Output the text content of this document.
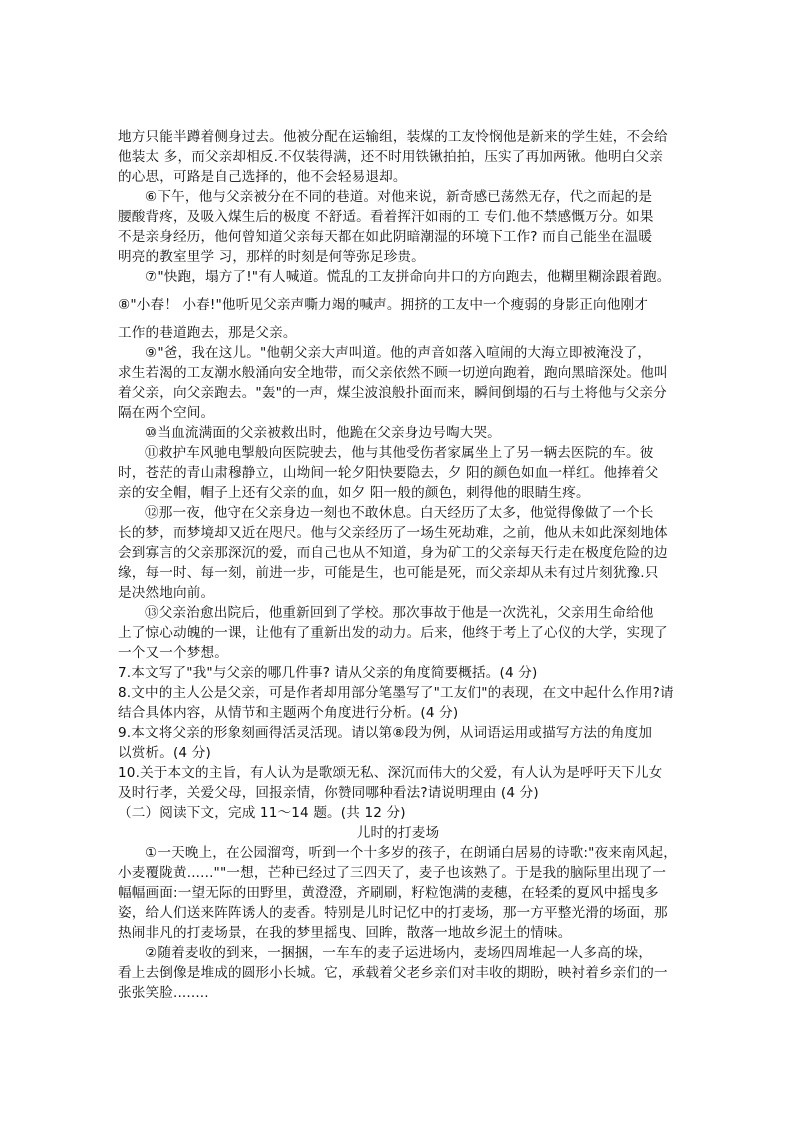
地方只能半蹲着侧身过去。他被分配在运输组，装煤的工友怜悯他是新来的学生娃，不会给
他装太 多，而父亲却相反.不仅装得满，还不时用铁锹拍拍，压实了再加两锹。他明白父亲
的心思，可路是自己选择的，他不会轻易退却。
⑥下午，他与父亲被分在不同的巷道。对他来说，新奇感已荡然无存，代之而起的是
腰酸背疼，及吸入煤生后的极度 不舒适。看着挥汗如雨的工 专们.他不禁感慨万分。如果
不是亲身经历，他何曾知道父亲每天都在如此阴暗潮湿的环境下工作? 而自己能坐在温暖
明亮的教室里学 习，那样的时刻是何等弥足珍贵。
⑦"快跑，塌方了!"有人喊道。慌乱的工友拼命向井口的方向跑去，他糊里糊涂跟着跑。
⑧"小春！ 小春!"他听见父亲声嘶力竭的喊声。拥挤的工友中一个瘦弱的身影正向他刚才
工作的巷道跑去，那是父亲。
⑨"爸，我在这儿。"他朝父亲大声叫道。他的声音如落入喧闹的大海立即被淹没了，
求生若渴的工友潮水般涌向安全地带，而父亲依然不顾一切逆向跑着，跑向黑暗深处。他叫
着父亲，向父亲跑去。"轰"的一声，煤尘波浪般扑面而来，瞬间倒塌的石与土将他与父亲分
隔在两个空间。
⑩当血流满面的父亲被救出时，他跪在父亲身边号啕大哭。
⑪救护车风驰电掣般向医院驶去，他与其他受伤者家属坐上了另一辆去医院的车。彼
时，苍茫的青山肃穆静立，山坳间一轮夕阳快要隐去，夕 阳的颜色如血一样红。他捧着父
亲的安全帽，帽子上还有父亲的血，如夕 阳一般的颜色，刺得他的眼睛生疼。
⑫那一夜，他守在父亲身边一刻也不敢休息。白天经历了太多，他觉得像做了一个长
长的梦，而梦境却又近在咫尺。他与父亲经历了一场生死劫难，之前，他从未如此深刻地体
会到寡言的父亲那深沉的爱，而自己也从不知道，身为矿工的父亲每天行走在极度危险的边
缘，每一时、每一刻，前进一步，可能是生，也可能是死，而父亲却从未有过片刻犹豫.只
是决然地向前。
⑬父亲治愈出院后，他重新回到了学校。那次事故于他是一次洗礼，父亲用生命给他
上了惊心动魄的一课，让他有了重新出发的动力。后来，他终于考上了心仪的大学，实现了
一个又一个梦想。
7.本文写了"我"与父亲的哪几件事? 请从父亲的角度简要概括。(4 分)
8.文中的主人公是父亲，可是作者却用部分笔墨写了"工友们"的表现，在文中起什么作用?请
结合具体内容，从情节和主题两个角度进行分析。(4 分)
9.本文将父亲的形象刻画得活灵活现。请以第⑧段为例，从词语运用或描写方法的角度加
以赏析。(4 分)
10.关于本文的主旨，有人认为是歌颂无私、深沉而伟大的父爱，有人认为是呼吁天下儿女
及时行孝，关爱父母，回报亲情，你赞同哪种看法?请说明理由 (4 分)
（二）阅读下文，完成 11～14 题。(共 12 分)
儿时的打麦场
①一天晚上，在公园溜弯，听到一个十多岁的孩子，在朗诵白居易的诗歌:"夜来南风起，
小麦覆陇黄......""一想，芒种已经过了三四天了，麦子也该熟了。于是我的脑际里出现了一
幅幅画面:一望无际的田野里，黄澄澄，齐刷刷，籽粒饱满的麦穗，在轻柔的夏风中摇曳多
姿，给人们送来阵阵诱人的麦香。特别是儿时记忆中的打麦场，那一方平整光滑的场面，那
热闹非凡的打麦场景，在我的梦里摇曳、回眸，散落一地故乡泥土的情味。
②随着麦收的到来，一捆捆，一车车的麦子运进场内，麦场四周堆起一人多高的垛，
看上去倒像是堆成的圆形小长城。它，承载着父老乡亲们对丰收的期盼，映衬着乡亲们的一
张张笑脸........
